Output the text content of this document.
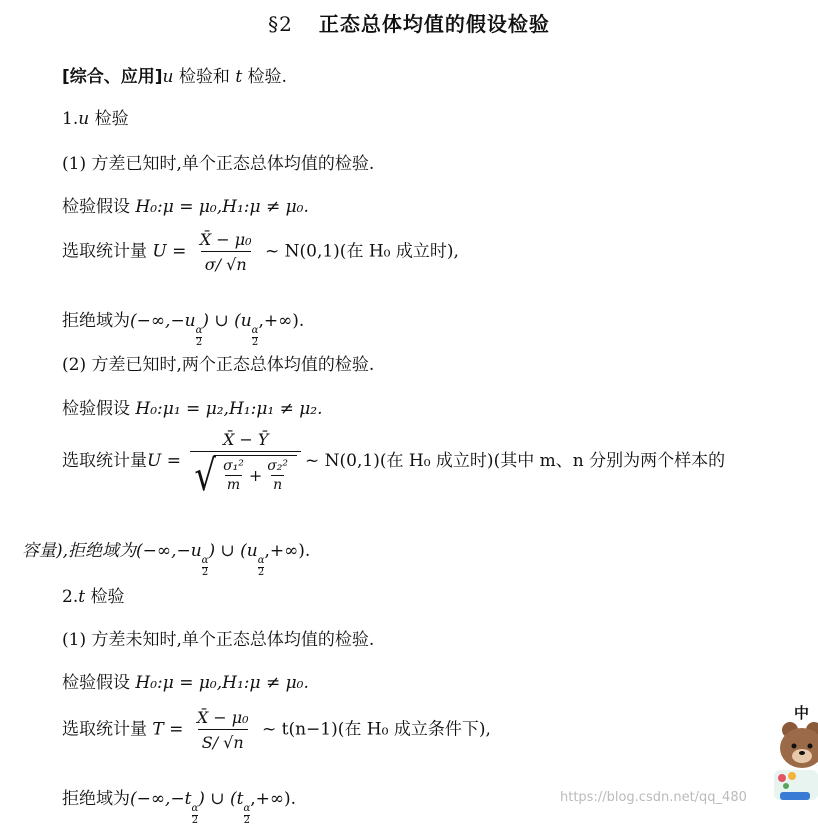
§2 正态总体均值的假设检验
[综合、应用]u 检验和 t 检验.
1.u 检验
(1) 方差已知时,单个正态总体均值的检验.
检验假设 H₀:μ = μ₀,H₁:μ ≠ μ₀.
选取统计量 $U = \frac{\text{X̄ − μ₀}}{\sigma/ √n}$ ~ N(0,1)(在 H₀ 成立时),
拒绝域为(−∞,−u
$\frac{\alpha}{2}$
) ∪ (u
$\frac{\alpha}{2}$
,+∞).
(2) 方差已知时,两个正态总体均值的检验.
检验假设 H₀:μ₁ = μ₂,H₁:μ₁ ≠ μ₂.
选取统计量$U = \frac{X̄ - Ȳ}{√ \frac{\text{σ₁²}}{m} + \frac{\text{σ₂²}}{n}}$ ~ N(0,1)(在 H₀ 成立时)(其中 m、n 分别为两个样本的
容量),拒绝域为(−∞,−u
$\frac{\alpha}{2}$
) ∪ (u
$\frac{\alpha}{2}$
,+∞).
2.t 检验
(1) 方差未知时,单个正态总体均值的检验.
检验假设 H₀:μ = μ₀,H₁:μ ≠ μ₀.
选取统计量 $T = \frac{\text{X̄ − μ₀}}{S/ √n}$ ~ t(n−1)(在 H₀ 成立条件下),
拒绝域为(−∞,−t
$\frac{\alpha}{2}$
) ∪ (t
$\frac{\alpha}{2}$
,+∞).	https://blog.csdn.net/qq_480
中
